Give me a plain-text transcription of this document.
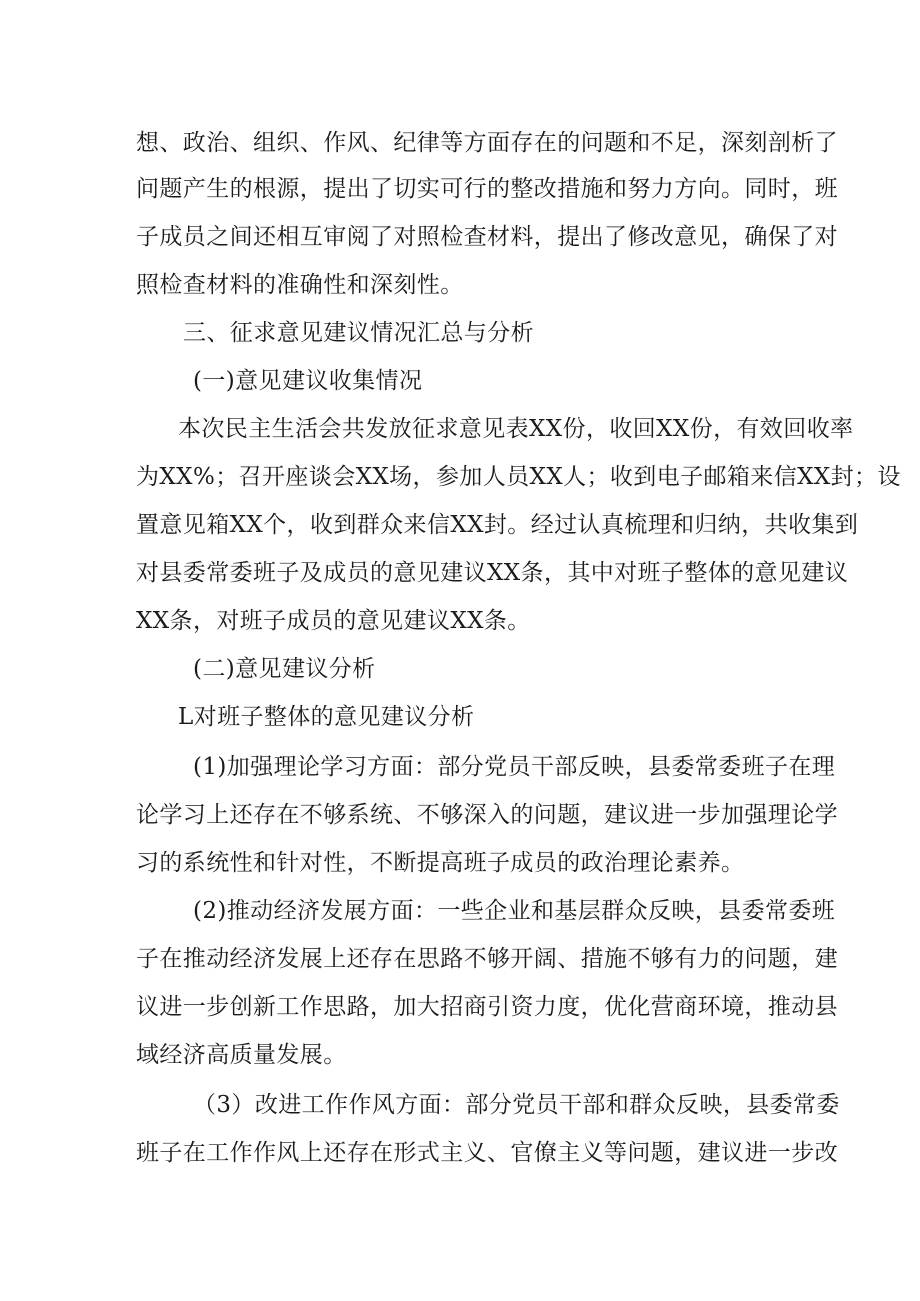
想、政治、组织、作风、纪律等方面存在的问题和不足，深刻剖析了
问题产生的根源，提出了切实可行的整改措施和努力方向。同时，班
子成员之间还相互审阅了对照检查材料，提出了修改意见，确保了对
照检查材料的准确性和深刻性。
三、征求意见建议情况汇总与分析
(一)意见建议收集情况
本次民主生活会共发放征求意见表XX份，收回XX份，有效回收率
为XX%；召开座谈会XX场，参加人员XX人；收到电子邮箱来信XX封；设
置意见箱XX个，收到群众来信XX封。经过认真梳理和归纳，共收集到
对县委常委班子及成员的意见建议XX条，其中对班子整体的意见建议
XX条，对班子成员的意见建议XX条。
(二)意见建议分析
L对班子整体的意见建议分析
(1)加强理论学习方面：部分党员干部反映，县委常委班子在理
论学习上还存在不够系统、不够深入的问题，建议进一步加强理论学
习的系统性和针对性，不断提高班子成员的政治理论素养。
(2)推动经济发展方面：一些企业和基层群众反映，县委常委班
子在推动经济发展上还存在思路不够开阔、措施不够有力的问题，建
议进一步创新工作思路，加大招商引资力度，优化营商环境，推动县
域经济高质量发展。
（3）改进工作作风方面：部分党员干部和群众反映，县委常委
班子在工作作风上还存在形式主义、官僚主义等问题，建议进一步改
